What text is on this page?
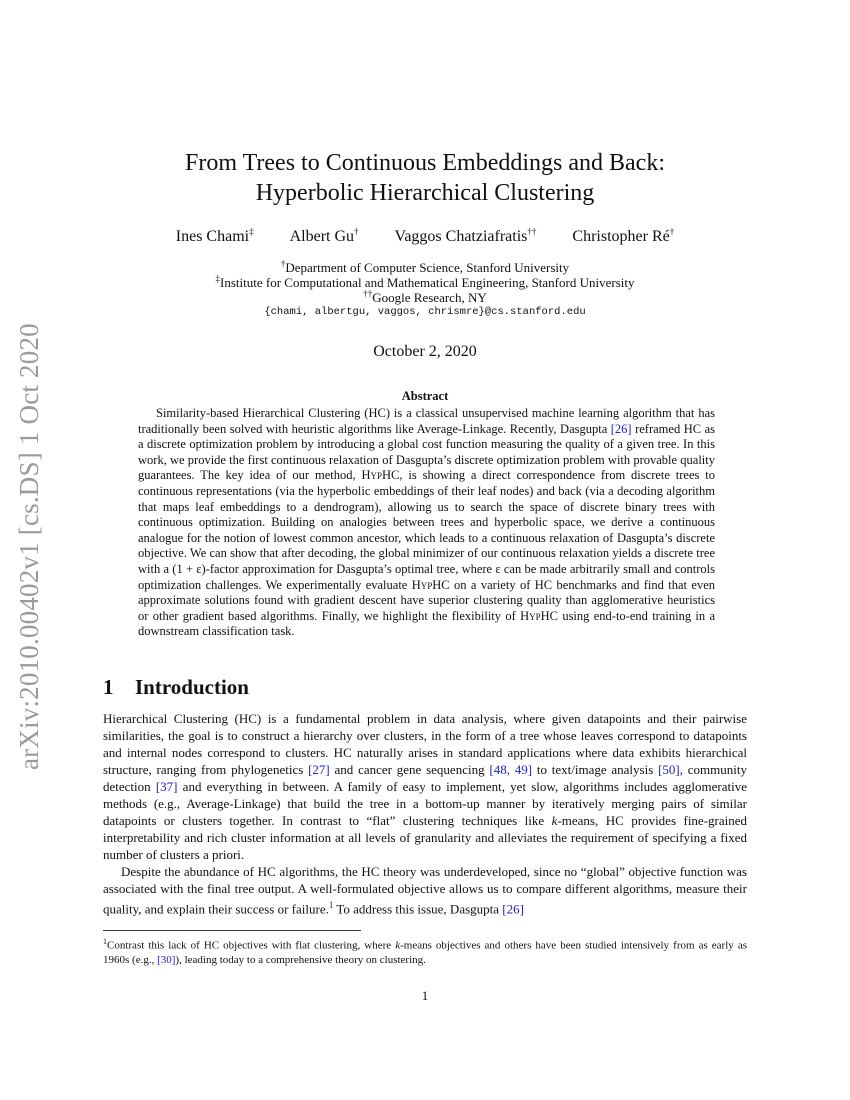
arXiv:2010.00402v1 [cs.DS] 1 Oct 2020
From Trees to Continuous Embeddings and Back:
Hyperbolic Hierarchical Clustering
Ines Chami‡ Albert Gu† Vaggos Chatziafratis†† Christopher Ré†
†Department of Computer Science, Stanford University
‡Institute for Computational and Mathematical Engineering, Stanford University
††Google Research, NY
{chami, albertgu, vaggos, chrismre}@cs.stanford.edu
October 2, 2020
Abstract

Similarity-based Hierarchical Clustering (HC) is a classical unsupervised machine learning algorithm that has traditionally been solved with heuristic algorithms like Average-Linkage. Recently, Dasgupta [26] reframed HC as a discrete optimization problem by introducing a global cost function measuring the quality of a given tree. In this work, we provide the first continuous relaxation of Dasgupta’s discrete optimization problem with provable quality guarantees. The key idea of our method, HypHC, is showing a direct correspondence from discrete trees to continuous representations (via the hyperbolic embeddings of their leaf nodes) and back (via a decoding algorithm that maps leaf embeddings to a dendrogram), allowing us to search the space of discrete binary trees with continuous optimization. Building on analogies between trees and hyperbolic space, we derive a continuous analogue for the notion of lowest common ancestor, which leads to a continuous relaxation of Dasgupta’s discrete objective. We can show that after decoding, the global minimizer of our continuous relaxation yields a discrete tree with a (1 + ε)-factor approximation for Dasgupta’s optimal tree, where ε can be made arbitrarily small and controls optimization challenges. We experimentally evaluate HypHC on a variety of HC benchmarks and find that even approximate solutions found with gradient descent have superior clustering quality than agglomerative heuristics or other gradient based algorithms. Finally, we highlight the flexibility of HypHC using end-to-end training in a downstream classification task.

1 Introduction

Hierarchical Clustering (HC) is a fundamental problem in data analysis, where given datapoints and their pairwise similarities, the goal is to construct a hierarchy over clusters, in the form of a tree whose leaves correspond to datapoints and internal nodes correspond to clusters. HC naturally arises in standard applications where data exhibits hierarchical structure, ranging from phylogenetics [27] and cancer gene sequencing [48, 49] to text/image analysis [50], community detection [37] and everything in between. A family of easy to implement, yet slow, algorithms includes agglomerative methods (e.g., Average-Linkage) that build the tree in a bottom-up manner by iteratively merging pairs of similar datapoints or clusters together. In contrast to “flat” clustering techniques like k-means, HC provides fine-grained interpretability and rich cluster information at all levels of granularity and alleviates the requirement of specifying a fixed number of clusters a priori.

Despite the abundance of HC algorithms, the HC theory was underdeveloped, since no “global” objective function was associated with the final tree output. A well-formulated objective allows us to compare different algorithms, measure their quality, and explain their success or failure.$^1$ To address this issue, Dasgupta [26]

$^1$Contrast this lack of HC objectives with flat clustering, where k-means objectives and others have been studied intensively from as early as 1960s (e.g., [30]), leading today to a comprehensive theory on clustering.
1
